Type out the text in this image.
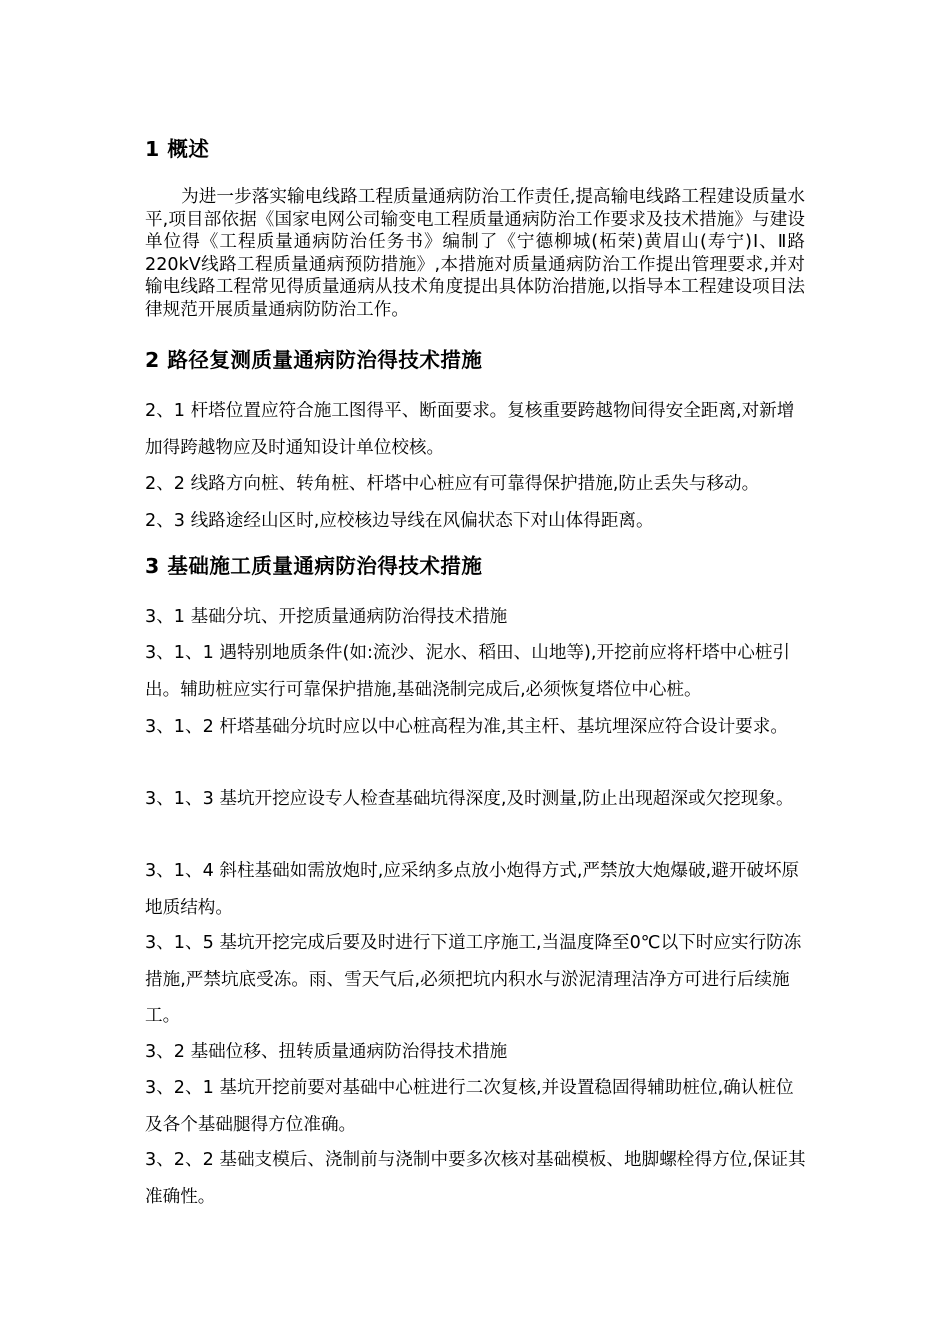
1 概述

为进一步落实输电线路工程质量通病防治工作责任,提高输电线路工程建设质量水平,项目部依据《国家电网公司输变电工程质量通病防治工作要求及技术措施》与建设单位得《工程质量通病防治任务书》编制了《宁德柳城(柘荣)黄眉山(寿宁)Ⅰ、Ⅱ路220kV线路工程质量通病预防措施》,本措施对质量通病防治工作提出管理要求,并对输电线路工程常见得质量通病从技术角度提出具体防治措施,以指导本工程建设项目法律规范开展质量通病防防治工作。

2 路径复测质量通病防治得技术措施

2、1 杆塔位置应符合施工图得平、断面要求。复核重要跨越物间得安全距离,对新增加得跨越物应及时通知设计单位校核。

2、2 线路方向桩、转角桩、杆塔中心桩应有可靠得保护措施,防止丢失与移动。

2、3 线路途经山区时,应校核边导线在风偏状态下对山体得距离。

3 基础施工质量通病防治得技术措施

3、1 基础分坑、开挖质量通病防治得技术措施

3、1、1 遇特别地质条件(如:流沙、泥水、稻田、山地等),开挖前应将杆塔中心桩引出。辅助桩应实行可靠保护措施,基础浇制完成后,必须恢复塔位中心桩。

3、1、2 杆塔基础分坑时应以中心桩高程为准,其主杆、基坑埋深应符合设计要求。

3、1、3 基坑开挖应设专人检查基础坑得深度,及时测量,防止出现超深或欠挖现象。

3、1、4 斜柱基础如需放炮时,应采纳多点放小炮得方式,严禁放大炮爆破,避开破坏原地质结构。

3、1、5 基坑开挖完成后要及时进行下道工序施工,当温度降至0℃以下时应实行防冻措施,严禁坑底受冻。雨、雪天气后,必须把坑内积水与淤泥清理洁净方可进行后续施工。

3、2 基础位移、扭转质量通病防治得技术措施

3、2、1 基坑开挖前要对基础中心桩进行二次复核,并设置稳固得辅助桩位,确认桩位及各个基础腿得方位准确。

3、2、2 基础支模后、浇制前与浇制中要多次核对基础模板、地脚螺栓得方位,保证其准确性。
